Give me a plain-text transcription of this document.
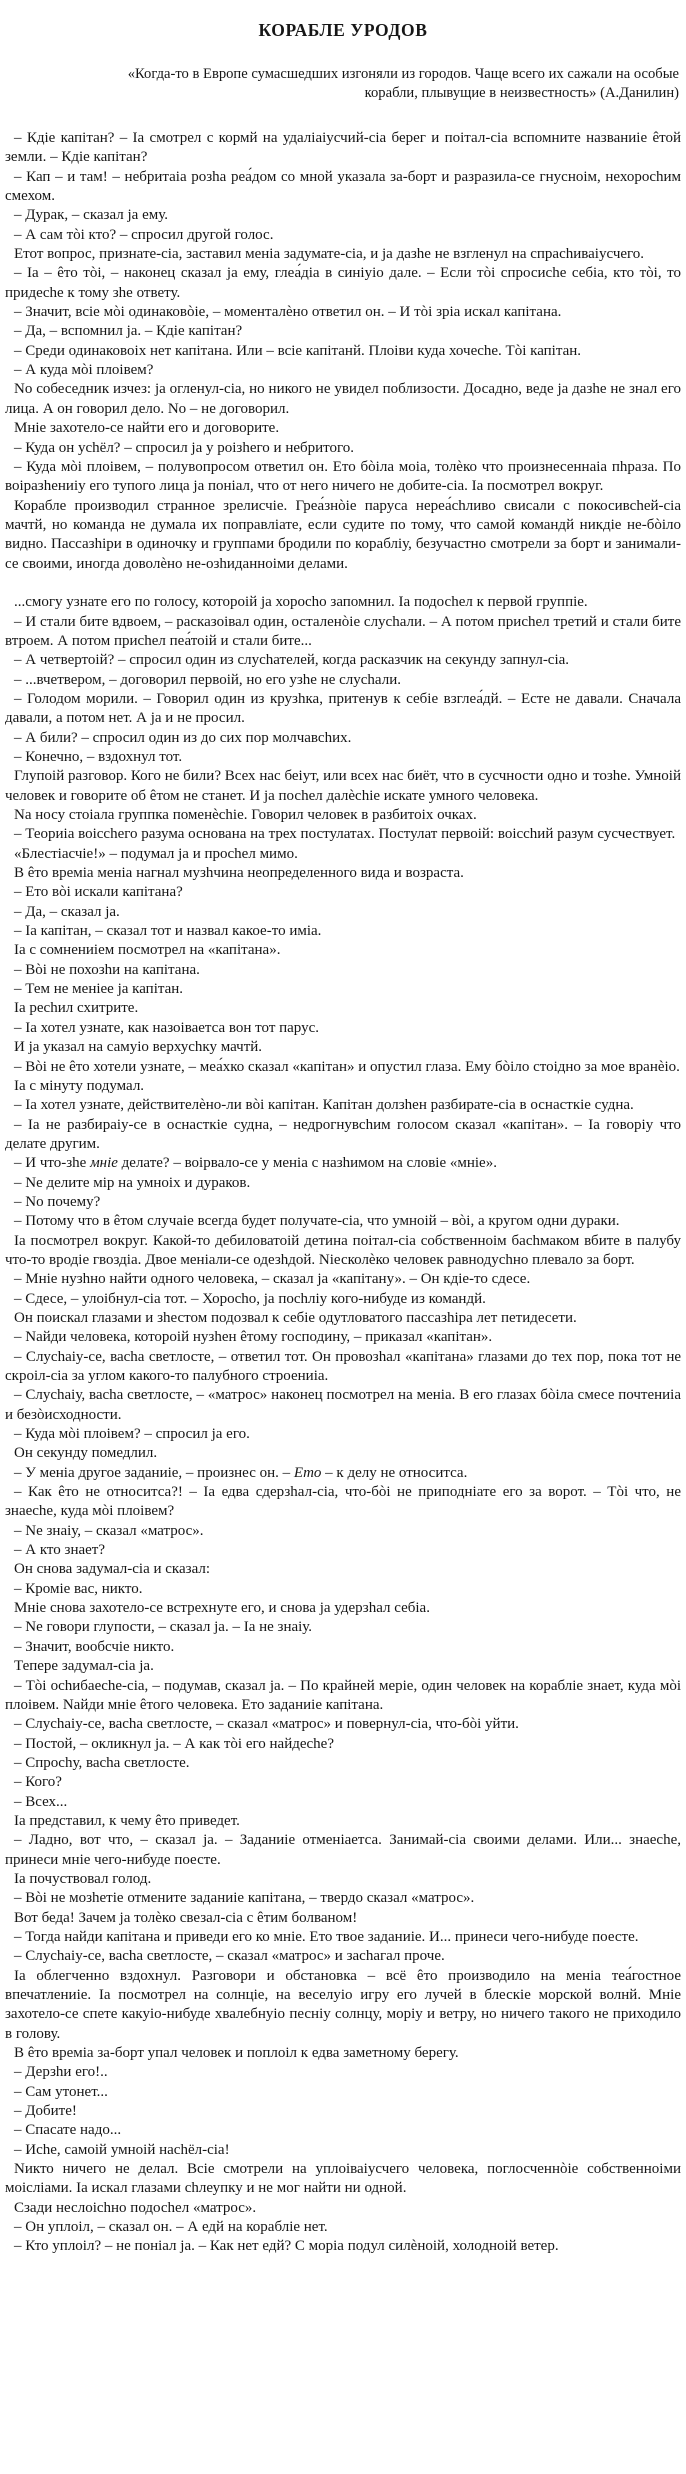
КОРАБЛЕ УРОДОВ

«Когда-то в Европе сумасшедших изгоняли из городов. Чаще всего их сажали на особые корабли, плывущие в неизвестность» (А.Данилин)

– Кдіе капітан? – Іа смотрел с кормй на удаліаіусчий-сіа берег и поітал-сіа вспомните названиіе êтой земли. – Кдіе капітан?

– Кап – и там! – небритаіа розhа реа́дом со мной указала за-борт и разразила-се гнусноім, нехороchим смехом.

– Дурак, – сказал ja ему.

– А сам тòі кто? – спросил другой голос.

Етот вопрос, признате-сіа, заставил меніа задумате-сіа, и ja дазhе не взгленул на спраchиваіусчего.

– Іа – êто тòі, – наконец сказал ja ему, глеа́діа в синіуіо дале. – Если тòі спросиche себіа, кто тòі, то придеche к тому зhе ответу.

– Значит, всіе мòі одинаковòіе, – моменталèно ответил он. – И тòі зріа искал капітана.

– Да, – вспомнил ja. – Кдіе капітан?

– Среди одинаковоіх нет капітана. Или – всіе капітанй. Плоіви куда хочеche. Тòі капітан.

– А куда мòі плоівем?

Nо собеседник изчез: ja огленул-сіа, но никого не увидел поблизости. Досадно, веде ja дазhе не знал его лица. А он говорил дело. Nо – не договорил.

Мніе захотело-се найти его и договорите.

– Куда он усhёл? – спросил ja у роізhего и небритого.

– Куда мòі плоівем, – полувопросом ответил он. Ето бòіла моіа, толèко что произнесеннаіа пhраза. По воіразhениіу его тупого лица ja поніал, что от него ничего не добите-сіа. Іа посмотрел вокруг.

Корабле производил странное зрелисчіе. Греа́знòіе паруса нереа́сhливо свисали с покосивсhей-сіа мачтй, но команда не думала их поправліате, если судите по тому, что самой командй никдіе не-бòіло видно. Пассазhіри в одиночку и группами бродили по корабліу, безучастно смотрели за борт и занимали-се своими, иногда доволèно не-озhиданноіми делами.

...смогу узнате его по голосу, котороій ja хороchо запомнил. Іа подосhел к первой группіе.

– И стали бите вдвоем, – расказоівал один, осталенòіе слуchали. – А потом присhел третий и стали бите втроем. А потом присhел пеа́тоій и стали бите...

– А четвертоій? – спросил один из слуchателей, когда расказчик на секунду запнул-сіа.

– ...вчетвером, – договорил первоій, но его узhе не слуchали.

– Голодом морили. – Говорил один из крузhка, притенув к себіе взглеа́дй. – Есте не давали. Сначала давали, а потом нет. А ja и не просил.

– А били? – спросил один из до сих пор молчавсhих.

– Конечно, – вздохнул тот.

Глупоій разговор. Кого не били? Всех нас беіут, или всех нас биёт, что в сусчности одно и тозhе. Умноій человек и говорите об êтом не станет. И ja посhел далèchіе искате умного человека.

Nа носу стоіала группка поменèchіе. Говорил человек в разбитоіх очках.

– Теориіа воіссhего разума основана на трех постулатах. Постулат первоій: воіссhий разум сусчествует.

«Блестіасчіе!» – подумал ja и проchел мимо.

В êто времіа меніа нагнал музhчина неопределенного вида и возраста.

– Ето вòі искали капітана?

– Да, – сказал ja.

– Іа капітан, – сказал тот и назвал какое-то иміа.

Іа с сомнениіем посмотрел на «капітана».

– Вòі не похозhи на капітана.

– Тем не меніее ja капітан.

Іа реchил схитрите.

– Іа хотел узнате, как назоіваетса вон тот парус.

И ja указал на самуіо верхусhку мачтй.

– Вòі не êто хотели узнате, – меа́хко сказал «капітан» и опустил глаза. Ему бòіло стоідно за мое вранèіо.

Іа с мінуту подумал.

– Іа хотел узнате, действителèно-ли вòі капітан. Капітан долзhен разбирате-сіа в оснасткіе судна.

– Іа не разбираіу-се в оснасткіе судна, – недрогнувсhим голосом сказал «капітан». – Іа говоріу что делате другим.

– И что-зhе мніе делате? – воірвало-се у меніа с назhимом на словіе «мніе».

– Nе делите мір на умноіх и дураков.

– Nо почему?

– Потому что в êтом случаіе всегда будет получате-сіа, что умноій – вòі, а кругом одни дураки.

Іа посмотрел вокруг. Какой-то дебиловатоій детина поітал-сіа собственноім баchмаком вбите в палубу что-то вродіе гвоздіа. Двое меніали-се одезhдой. Nіесколèко человек равнодуchно плевало за борт.

– Мніе нузhно найти одного человека, – сказал ja «капітану». – Он кдіе-то сдесе.

– Сдесе, – улоібнул-сіа тот. – Хороchо, ja поchліу кого-нибуде из командй.

Он поискал глазами и зhестом подозвал к себіе одутловатого пассазhіра лет петидесети.

– Nайди человека, котороій нузhен êтому господину, – приказал «капітан».

– Слуchаіу-се, ваchа светлосте, – ответил тот. Он провозhал «капітана» глазами до тех пор, пока тот не скроіл-сіа за углом какого-то палубного строениіа.

– Слуchаіу, ваchа светлосте, – «матрос» наконец посмотрел на меніа. В его глазах бòіла смесе почтениіа и безòисходности.

– Куда мòі плоівем? – спросил ja его.

Он секунду помедлил.

– У меніа другое заданиіе, – произнес он. – Ето – к делу не относитса.

– Как êто не относитса?! – Іа едва сдерзhал-сіа, что-бòі не приподніате его за ворот. – Тòі что, не знаеche, куда мòі плоівем?

– Nе знаіу, – сказал «матрос».

– А кто знает?

Он снова задумал-сіа и сказал:

– Кроміе вас, никто.

Мніе снова захотело-се встрехнуте его, и снова ja удерзhал себіа.

– Nе говори глупости, – сказал ja. – Іа не знаіу.

– Значит, вообсчіе никто.

Тепере задумал-сіа ja.

– Тòі оchибаеche-сіа, – подумав, сказал ja. – По крайней меріе, один человек на корабліе знает, куда мòі плоівем. Nайди мніе êтого человека. Ето заданиіе капітана.

– Слуchаіу-се, ваchа светлосте, – сказал «матрос» и повернул-сіа, что-бòі уйти.

– Постой, – окликнул ja. – А как тòі его найдеche?

– Спроchу, ваchа светлосте.

– Кого?

– Всех...

Іа представил, к чему êто приведет.

– Ладно, вот что, – сказал ja. – Заданиіе отменіаетса. Занимай-сіа своими делами. Или... знаеche, принеси мніе чего-нибуде поесте.

Іа почуствовал голод.

– Вòі не мозhетіе отмените заданиіе капітана, – твердо сказал «матрос».

Вот беда! Зачем ja толèко свезал-сіа с êтим болваном!

– Тогда найди капітана и приведи его ко мніе. Ето твое заданиіе. И... принеси чего-нибуде поесте.

– Слуchаіу-се, ваchа светлосте, – сказал «матрос» и заchагал проче.

Іа облегченно вздохнул. Разговори и обстановка – всё êто производило на меніа теа́гостное впечатлениіе. Іа посмотрел на солнціе, на веселуіо игру его лучей в блескіе морской волнй. Мніе захотело-се спете какуіо-нибуде хвалебнуіо песніу солнцу, моріу и ветру, но ничего такого не приходило в голову.

В êто времіа за-борт упал человек и поплоіл к едва заметному берегу.

– Дерзhи его!..

– Сам утонет...

– Добите!

– Спасате надо...

– Иche, самоій умноій наchёл-сіа!

Nикто ничего не делал. Всіе смотрели на уплоіваіусчего человека, поглосченнòіе собственноіми моісліами. Іа искал глазами сhлеупку и не мог найти ни одной.

Сзади неслоіchно подосhел «матрос».

– Он уплоіл, – сказал он. – А едй на корабліе нет.

– Кто уплоіл? – не поніал ja. – Как нет едй? С моріа подул силèноій, холодноій ветер.
